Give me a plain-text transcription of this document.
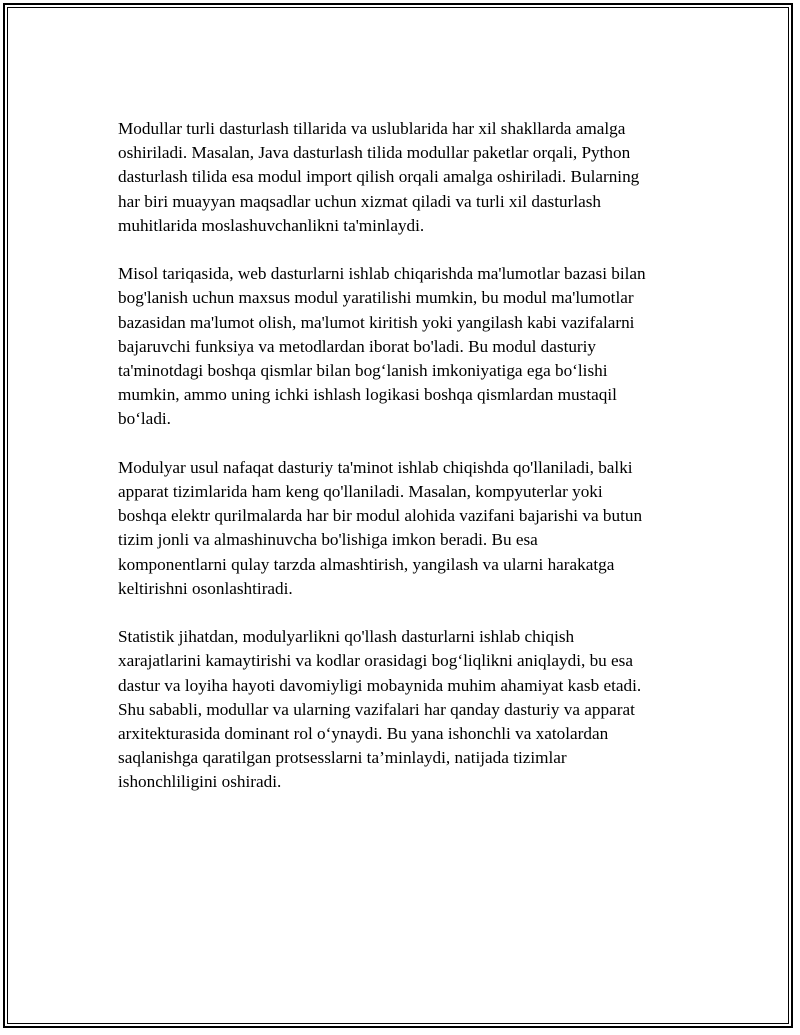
Modullar turli dasturlash tillarida va uslublarida har xil shakllarda amalga
oshiriladi. Masalan, Java dasturlash tilida modullar paketlar orqali, Python
dasturlash tilida esa modul import qilish orqali amalga oshiriladi. Bularning
har biri muayyan maqsadlar uchun xizmat qiladi va turli xil dasturlash
muhitlarida moslashuvchanlikni ta'minlaydi.

Misol tariqasida, web dasturlarni ishlab chiqarishda ma'lumotlar bazasi bilan
bog'lanish uchun maxsus modul yaratilishi mumkin, bu modul ma'lumotlar
bazasidan ma'lumot olish, ma'lumot kiritish yoki yangilash kabi vazifalarni
bajaruvchi funksiya va metodlardan iborat bo'ladi. Bu modul dasturiy
ta'minotdagi boshqa qismlar bilan bog‘lanish imkoniyatiga ega bo‘lishi
mumkin, ammo uning ichki ishlash logikasi boshqa qismlardan mustaqil
bo‘ladi.

Modulyar usul nafaqat dasturiy ta'minot ishlab chiqishda qo'llaniladi, balki
apparat tizimlarida ham keng qo'llaniladi. Masalan, kompyuterlar yoki
boshqa elektr qurilmalarda har bir modul alohida vazifani bajarishi va butun
tizim jonli va almashinuvcha bo'lishiga imkon beradi. Bu esa
komponentlarni qulay tarzda almashtirish, yangilash va ularni harakatga
keltirishni osonlashtiradi.

Statistik jihatdan, modulyarlikni qo'llash dasturlarni ishlab chiqish
xarajatlarini kamaytirishi va kodlar orasidagi bog‘liqlikni aniqlaydi, bu esa
dastur va loyiha hayoti davomiyligi mobaynida muhim ahamiyat kasb etadi.
Shu sababli, modullar va ularning vazifalari har qanday dasturiy va apparat
arxitekturasida dominant rol o‘ynaydi. Bu yana ishonchli va xatolardan
saqlanishga qaratilgan protsesslarni ta’minlaydi, natijada tizimlar
ishonchliligini oshiradi.
